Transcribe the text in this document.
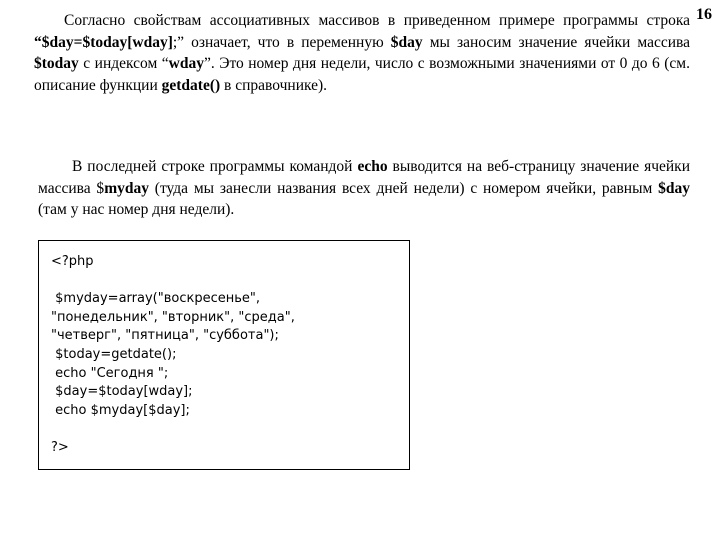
16

Согласно свойствам ассоциативных массивов в приведенном примере программы строка “$day=$today[wday];” означает, что в переменную $day мы заносим значение ячейки массива $today с индексом “wday”. Это номер дня недели, число с возможными значениями от 0 до 6 (см. описание функции getdate() в справочнике).

В последней строке программы командой echo выводится на веб-страницу значение ячейки массива $myday (туда мы занесли названия всех дней недели) с номером ячейки, равным $day (там у нас номер дня недели).

<?php

$myday=array("воскресенье",
"понедельник", "вторник", "среда",
"четверг", "пятница", "суббота");
$today=getdate();
echo "Сегодня ";
$day=$today[wday];
echo $myday[$day];

?>
